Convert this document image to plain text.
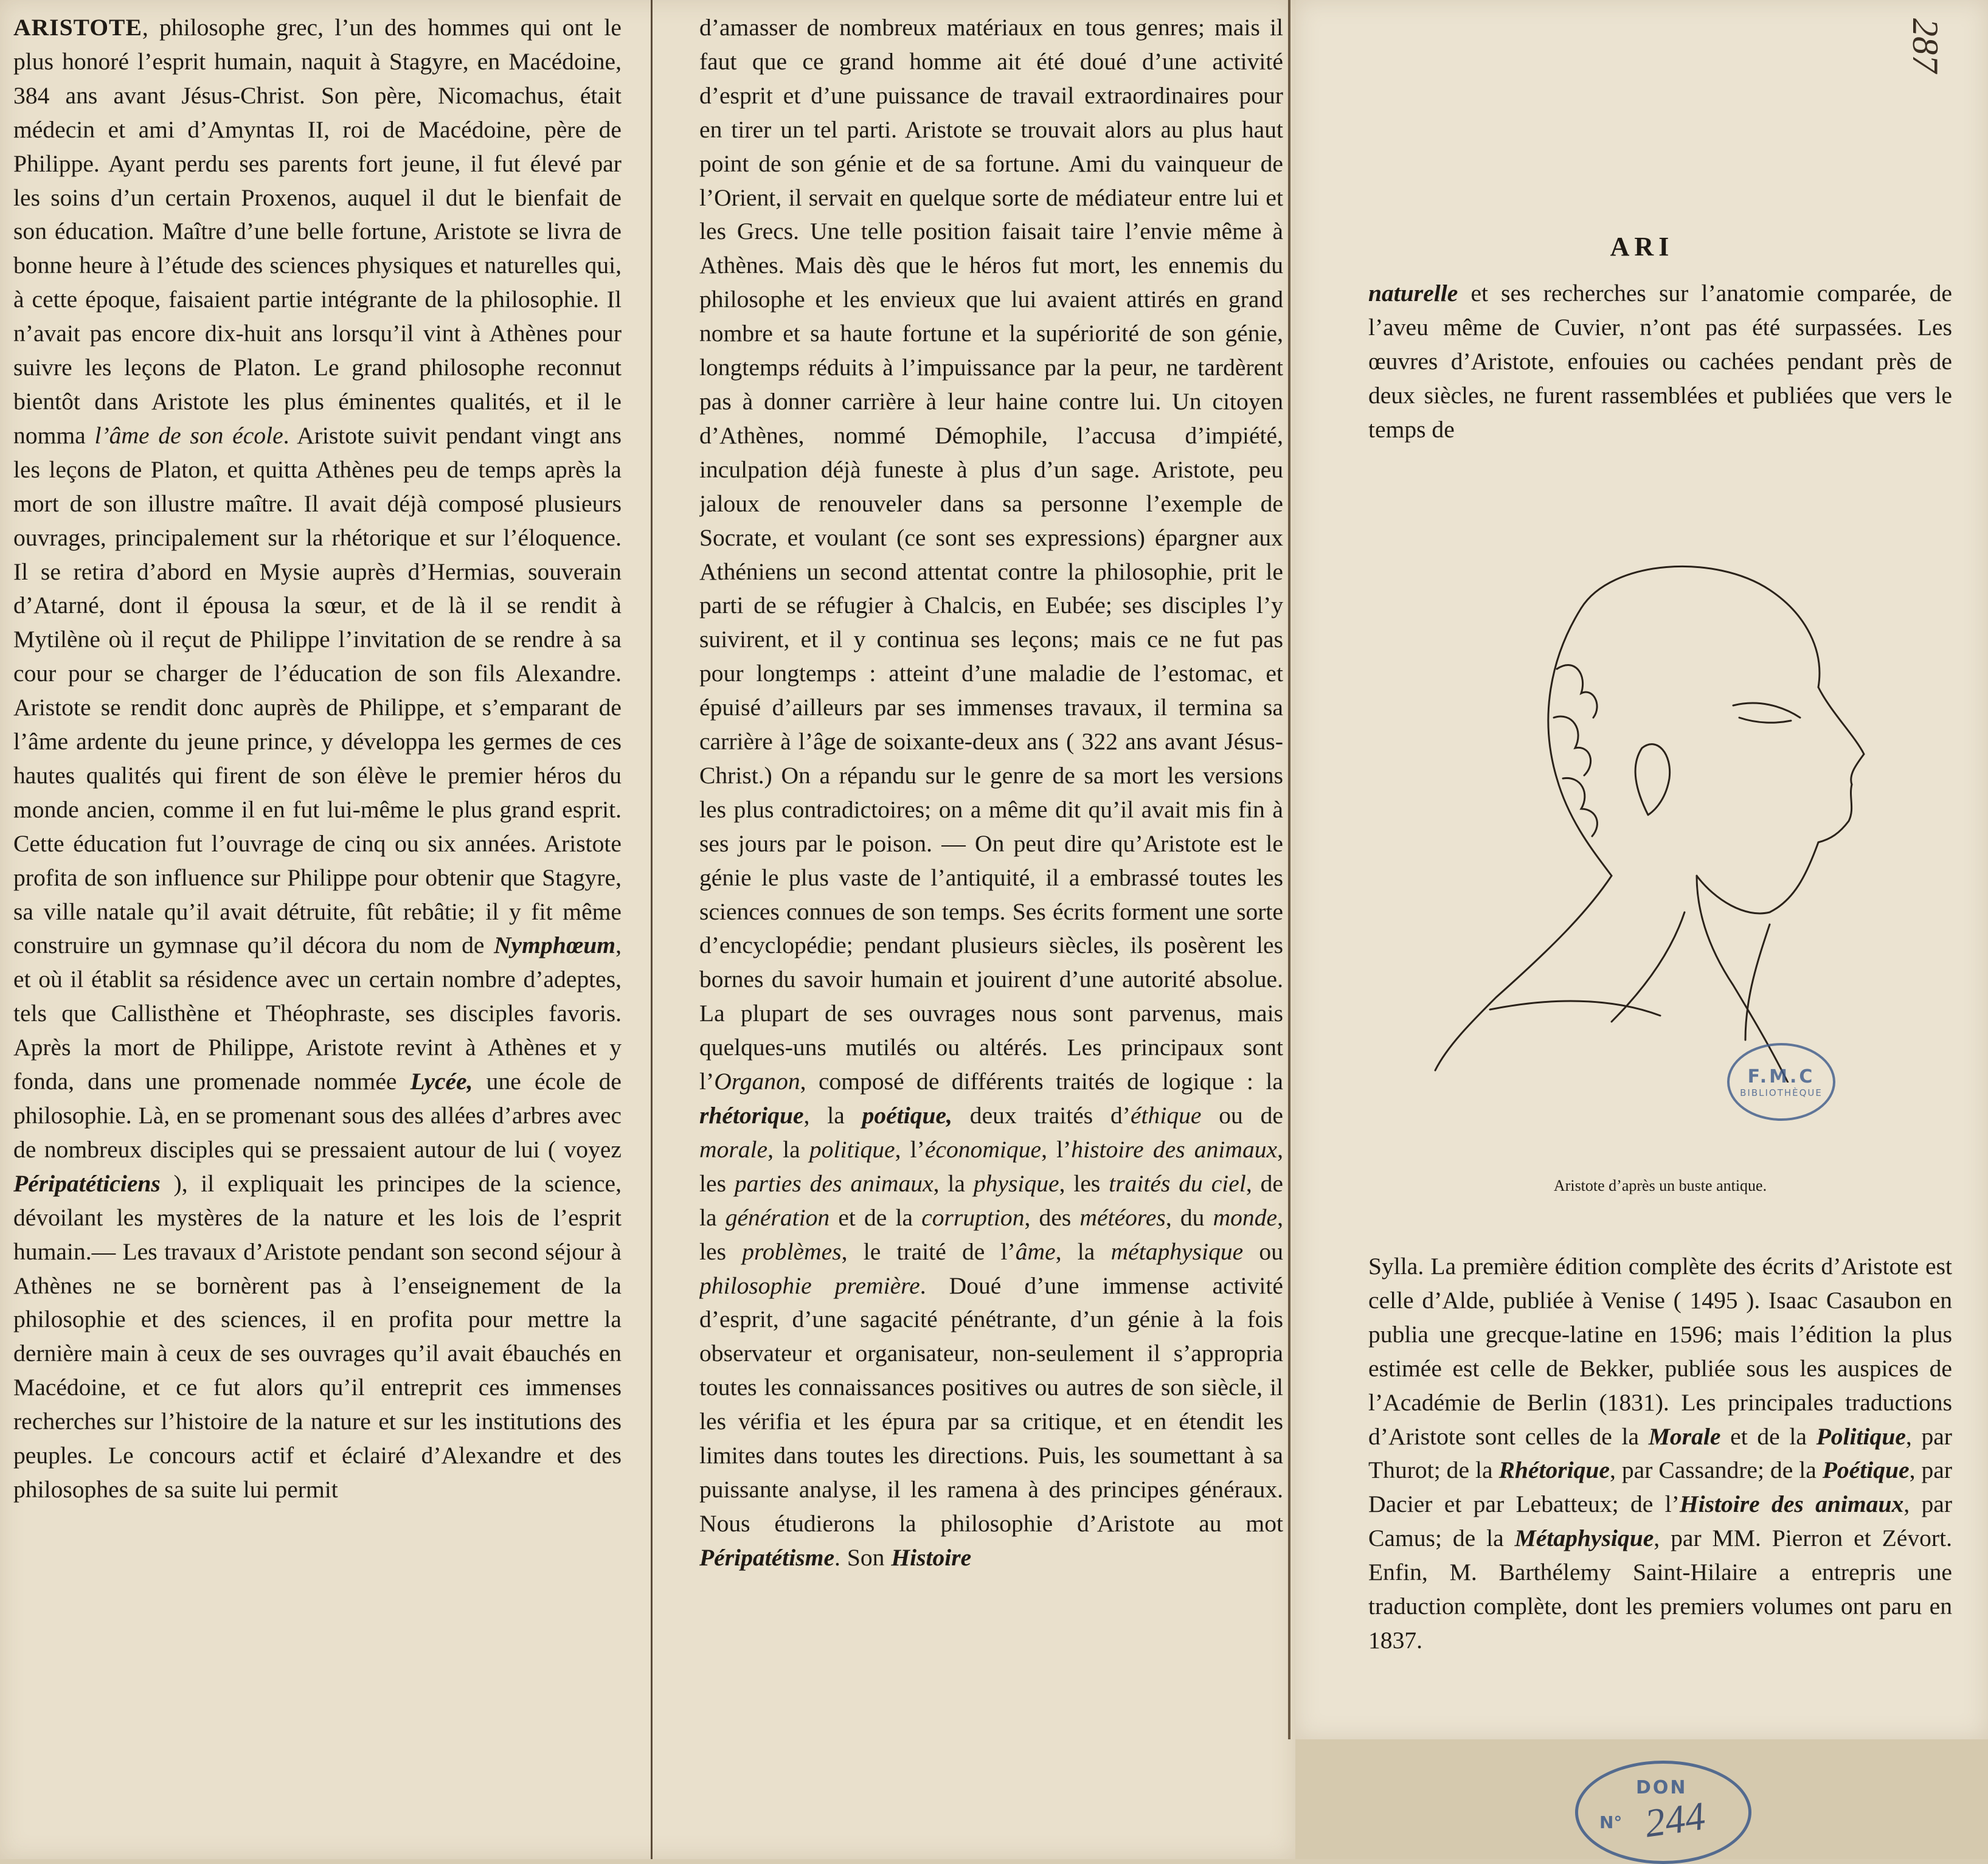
ARISTOTE, philosophe grec, l’un des hommes qui ont le plus honoré l’esprit humain, naquit à Stagyre, en Macédoine, 384 ans avant Jésus-Christ. Son père, Nicomachus, était médecin et ami d’Amyntas II, roi de Macédoine, père de Philippe. Ayant perdu ses parents fort jeune, il fut élevé par les soins d’un certain Proxenos, auquel il dut le bienfait de son éducation. Maître d’une belle fortune, Aristote se livra de bonne heure à l’étude des sciences physiques et naturelles qui, à cette époque, faisaient partie intégrante de la philosophie. Il n’avait pas encore dix-huit ans lorsqu’il vint à Athènes pour suivre les leçons de Platon. Le grand philosophe reconnut bientôt dans Aristote les plus éminentes qualités, et il le nomma l’âme de son école. Aristote suivit pendant vingt ans les leçons de Platon, et quitta Athènes peu de temps après la mort de son illustre maître. Il avait déjà composé plusieurs ouvrages, principalement sur la rhétorique et sur l’éloquence. Il se retira d’abord en Mysie auprès d’Hermias, souverain d’Atarné, dont il épousa la sœur, et de là il se rendit à Mytilène où il reçut de Philippe l’invitation de se rendre à sa cour pour se charger de l’éducation de son fils Alexandre. Aristote se rendit donc auprès de Philippe, et s’emparant de l’âme ardente du jeune prince, y développa les germes de ces hautes qualités qui firent de son élève le premier héros du monde ancien, comme il en fut lui-même le plus grand esprit. Cette éducation fut l’ouvrage de cinq ou six années. Aristote profita de son influence sur Philippe pour obtenir que Stagyre, sa ville natale qu’il avait détruite, fût rebâtie; il y fit même construire un gymnase qu’il décora du nom de Nymphœum, et où il établit sa résidence avec un certain nombre d’adeptes, tels que Callisthène et Théophraste, ses disciples favoris. Après la mort de Philippe, Aristote revint à Athènes et y fonda, dans une promenade nommée Lycée, une école de philosophie. Là, en se promenant sous des allées d’arbres avec de nombreux disciples qui se pressaient autour de lui ( voyez Péripatéticiens ), il expliquait les principes de la science, dévoilant les mystères de la nature et les lois de l’esprit humain.— Les travaux d’Aristote pendant son second séjour à Athènes ne se bornèrent pas à l’enseignement de la philosophie et des sciences, il en profita pour mettre la dernière main à ceux de ses ouvrages qu’il avait ébauchés en Macédoine, et ce fut alors qu’il entreprit ces immenses recherches sur l’histoire de la nature et sur les institutions des peuples. Le concours actif et éclairé d’Alexandre et des philosophes de sa suite lui permit

d’amasser de nombreux matériaux en tous genres; mais il faut que ce grand homme ait été doué d’une activité d’esprit et d’une puissance de travail extraordinaires pour en tirer un tel parti. Aristote se trouvait alors au plus haut point de son génie et de sa fortune. Ami du vainqueur de l’Orient, il servait en quelque sorte de médiateur entre lui et les Grecs. Une telle position faisait taire l’envie même à Athènes. Mais dès que le héros fut mort, les ennemis du philosophe et les envieux que lui avaient attirés en grand nombre et sa haute fortune et la supériorité de son génie, longtemps réduits à l’impuissance par la peur, ne tardèrent pas à donner carrière à leur haine contre lui. Un citoyen d’Athènes, nommé Démophile, l’accusa d’impiété, inculpation déjà funeste à plus d’un sage. Aristote, peu jaloux de renouveler dans sa personne l’exemple de Socrate, et voulant (ce sont ses expressions) épargner aux Athéniens un second attentat contre la philosophie, prit le parti de se réfugier à Chalcis, en Eubée; ses disciples l’y suivirent, et il y continua ses leçons; mais ce ne fut pas pour longtemps : atteint d’une maladie de l’estomac, et épuisé d’ailleurs par ses immenses travaux, il termina sa carrière à l’âge de soixante-deux ans ( 322 ans avant Jésus-Christ.) On a répandu sur le genre de sa mort les versions les plus contradictoires; on a même dit qu’il avait mis fin à ses jours par le poison. — On peut dire qu’Aristote est le génie le plus vaste de l’antiquité, il a embrassé toutes les sciences connues de son temps. Ses écrits forment une sorte d’encyclopédie; pendant plusieurs siècles, ils posèrent les bornes du savoir humain et jouirent d’une autorité absolue. La plupart de ses ouvrages nous sont parvenus, mais quelques-uns mutilés ou altérés. Les principaux sont l’Organon, composé de différents traités de logique : la rhétorique, la poétique, deux traités d’éthique ou de morale, la politique, l’économique, l’histoire des animaux, les parties des animaux, la physique, les traités du ciel, de la génération et de la corruption, des météores, du monde, les problèmes, le traité de l’âme, la métaphysique ou philosophie première. Doué d’une immense activité d’esprit, d’une sagacité pénétrante, d’un génie à la fois observateur et organisateur, non-seulement il s’appropria toutes les connaissances positives ou autres de son siècle, il les vérifia et les épura par sa critique, et en étendit les limites dans toutes les directions. Puis, les soumettant à sa puissante analyse, il les ramena à des principes généraux. Nous étudierons la philosophie d’Aristote au mot Péripatétisme. Son Histoire

287
ARI

naturelle et ses recherches sur l’anatomie comparée, de l’aveu même de Cuvier, n’ont pas été surpassées. Les œuvres d’Aristote, enfouies ou cachées pendant près de deux siècles, ne furent rassemblées et publiées que vers le temps de

F.M.C
BIBLIOTHÈQUE
Aristote d’après un buste antique.

Sylla. La première édition complète des écrits d’Aristote est celle d’Alde, publiée à Venise ( 1495 ). Isaac Casaubon en publia une grecque-latine en 1596; mais l’édition la plus estimée est celle de Bekker, publiée sous les auspices de l’Académie de Berlin (1831). Les principales traductions d’Aristote sont celles de la Morale et de la Politique, par Thurot; de la Rhétorique, par Cassandre; de la Poétique, par Dacier et par Lebatteux; de l’Histoire des animaux, par Camus; de la Métaphysique, par MM. Pierron et Zévort. Enfin, M. Barthélemy Saint-Hilaire a entrepris une traduction complète, dont les premiers volumes ont paru en 1837.

DON
N° 244
